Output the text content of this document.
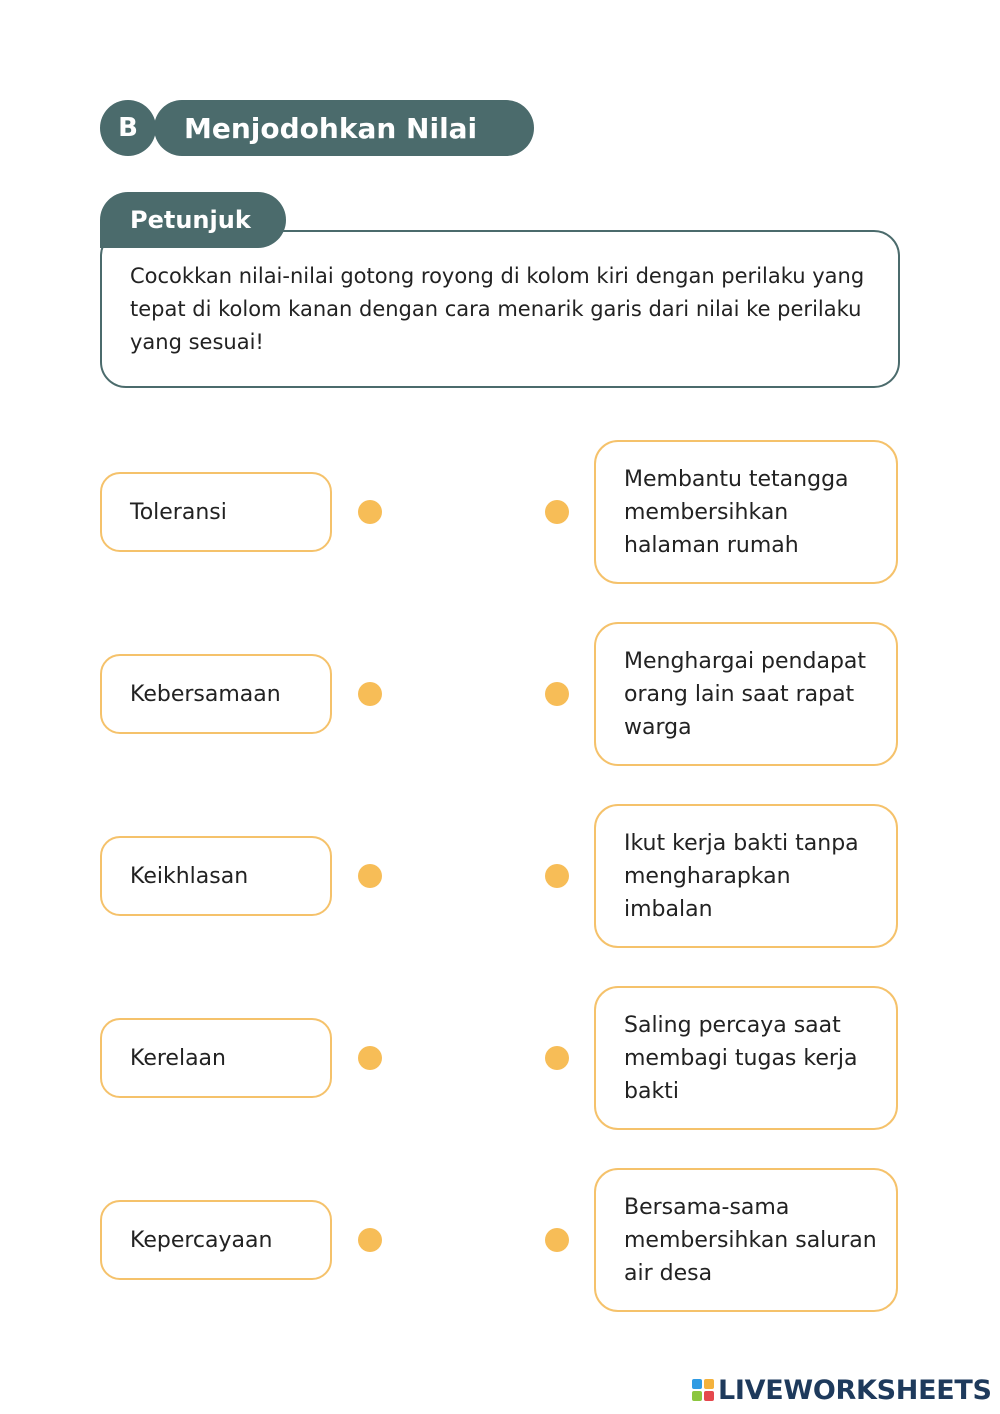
B	Menjodohkan Nilai
Petunjuk

Cocokkan nilai-nilai gotong royong di kolom kiri dengan perilaku yang tepat di kolom kanan dengan cara menarik garis dari nilai ke perilaku yang sesuai!

Toleransi
Membantu tetangga membersihkan halaman rumah
Kebersamaan
Menghargai pendapat orang lain saat rapat warga
Keikhlasan
Ikut kerja bakti tanpa mengharapkan imbalan
Kerelaan
Saling percaya saat membagi tugas kerja bakti
Kepercayaan
Bersama-sama membersihkan saluran air desa
LIVEWORKSHEETS
